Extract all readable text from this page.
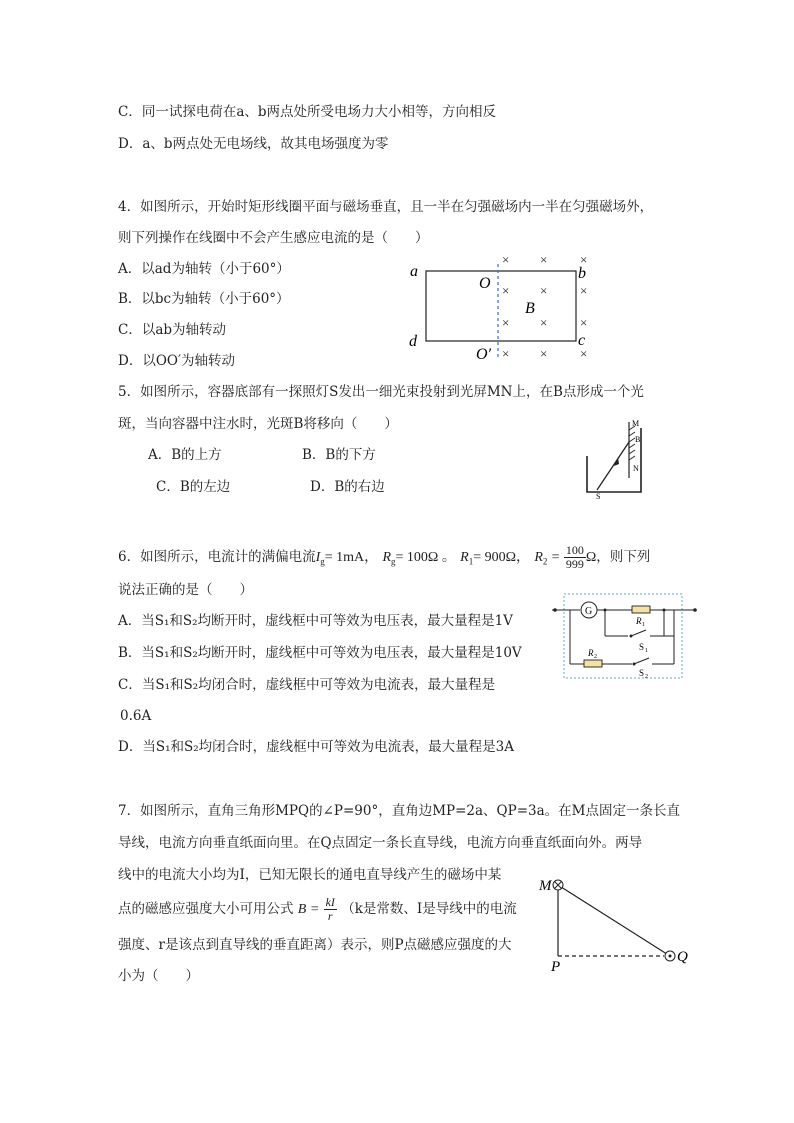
C．同一试探电荷在a、b两点处所受电场力大小相等，方向相反
D．a、b两点处无电场线，故其电场强度为零
4．如图所示，开始时矩形线圈平面与磁场垂直，且一半在匀强磁场内一半在匀强磁场外，
则下列操作在线圈中不会产生感应电流的是（　　）
A．以ad为轴转（小于60°）
B．以bc为轴转（小于60°）
C．以ab为轴转动
D．以OO′为轴转动
a	b
c
d
O
O′
B
× ×	×
× ×	×
× ×	×
× ×	×
5．如图所示，容器底部有一探照灯S发出一细光束投射到光屏MN上，在B点形成一个光
斑，当向容器中注水时，光斑B将移向（　　）
A．B的上方	B．B的下方
C．B的左边	D．B的右边
M
B
N
S
6．如图所示，电流计的满偏电流$I_g= 1mA$， $R_g= 100\Omega$ 。 $R_1= 900\Omega$， $R_2 = \frac{100}{999}$ Ω，则下列
说法正确的是（　　）
A．当S₁和S₂均断开时，虚线框中可等效为电压表，最大量程是1V
B．当S₁和S₂均断开时，虚线框中可等效为电压表，最大量程是10V
C．当S₁和S₂均闭合时，虚线框中可等效为电流表，最大量程是
0.6A
D．当S₁和S₂均闭合时，虚线框中可等效为电流表，最大量程是3A
G
R 1
S 1
R 2
S 2
7．如图所示，直角三角形MPQ的∠P=90°，直角边MP=2a、QP=3a。在M点固定一条长直
导线，电流方向垂直纸面向里。在Q点固定一条长直导线，电流方向垂直纸面向外。两导
线中的电流大小均为I，已知无限长的通电直导线产生的磁场中某
点的磁感应强度大小可用公式 $B = \frac{kI}{r} (k$是常数、I是导线中的电流
强度、r是该点到直导线的垂直距离）表示，则P点磁感应强度的大
小为（　　）
M
P
Q
